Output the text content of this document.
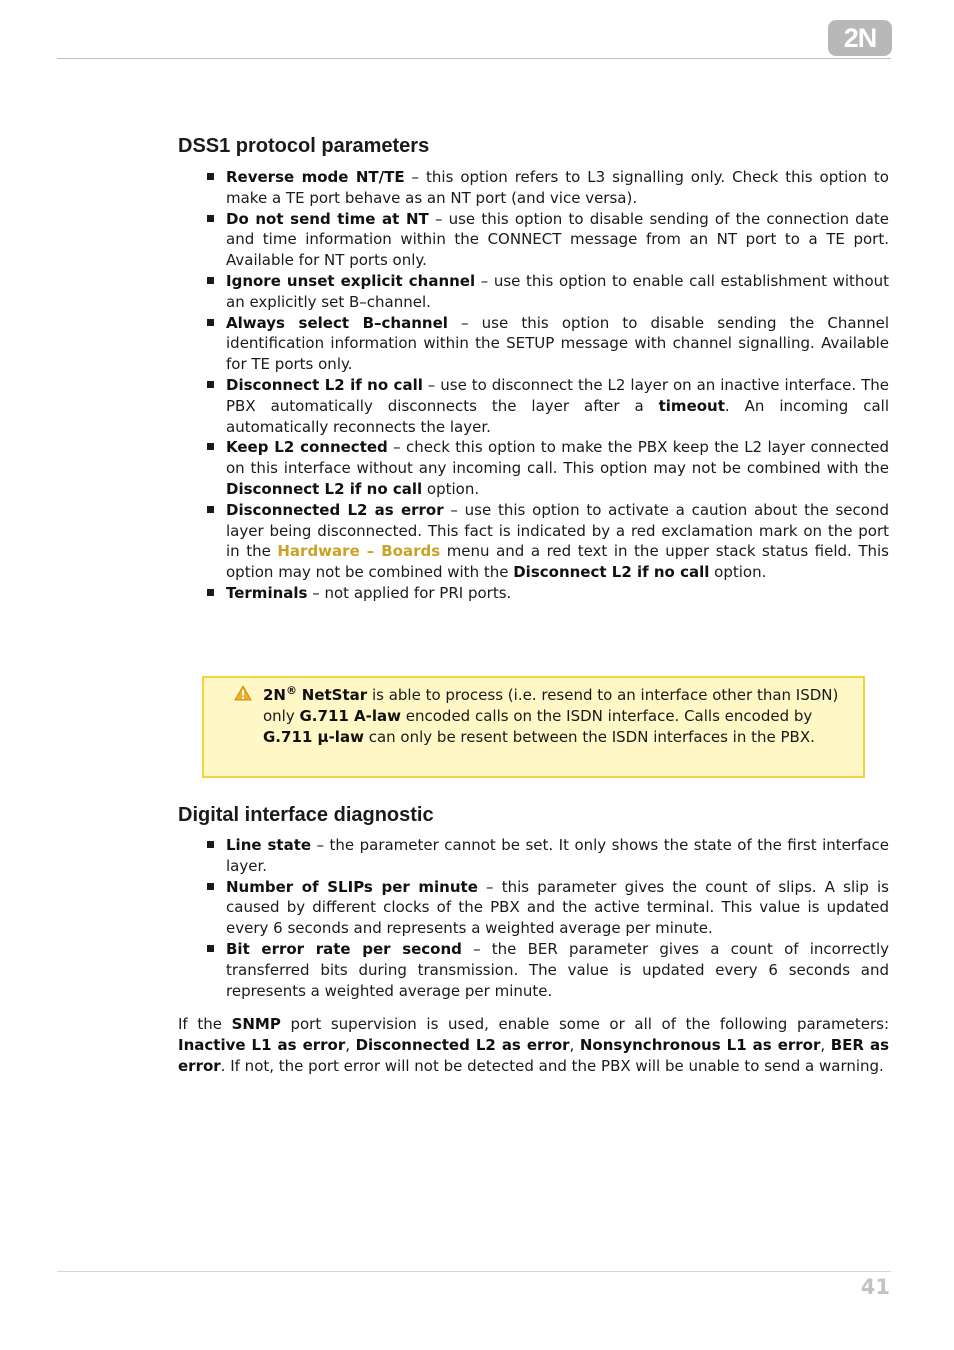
2N
DSS1 protocol parameters
Reverse mode NT/TE – this option refers to L3 signalling only. Check this option to make a TE port behave as an NT port (and vice versa).
Do not send time at NT – use this option to disable sending of the connection date and time information within the CONNECT message from an NT port to a TE port. Available for NT ports only.
Ignore unset explicit channel – use this option to enable call establishment without an explicitly set B–channel.
Always select B–channel – use this option to disable sending the Channel identification information within the SETUP message with channel signalling. Available for TE ports only.
Disconnect L2 if no call – use to disconnect the L2 layer on an inactive interface. The PBX automatically disconnects the layer after a timeout. An incoming call automatically reconnects the layer.
Keep L2 connected – check this option to make the PBX keep the L2 layer connected on this interface without any incoming call. This option may not be combined with the Disconnect L2 if no call option.
Disconnected L2 as error – use this option to activate a caution about the second layer being disconnected. This fact is indicated by a red exclamation mark on the port in the Hardware – Boards menu and a red text in the upper stack status field. This option may not be combined with the Disconnect L2 if no call option.
Terminals – not applied for PRI ports.
2N® NetStar is able to process (i.e. resend to an interface other than ISDN) only G.711 A-law encoded calls on the ISDN interface. Calls encoded by G.711 μ-law can only be resent between the ISDN interfaces in the PBX.
Digital interface diagnostic
Line state – the parameter cannot be set. It only shows the state of the first interface layer.
Number of SLIPs per minute – this parameter gives the count of slips. A slip is caused by different clocks of the PBX and the active terminal. This value is updated every 6 seconds and represents a weighted average per minute.
Bit error rate per second – the BER parameter gives a count of incorrectly transferred bits during transmission. The value is updated every 6 seconds and represents a weighted average per minute.

If the SNMP port supervision is used, enable some or all of the following parameters: Inactive L1 as error, Disconnected L2 as error, Nonsynchronous L1 as error, BER as error. If not, the port error will not be detected and the PBX will be unable to send a warning.

41
